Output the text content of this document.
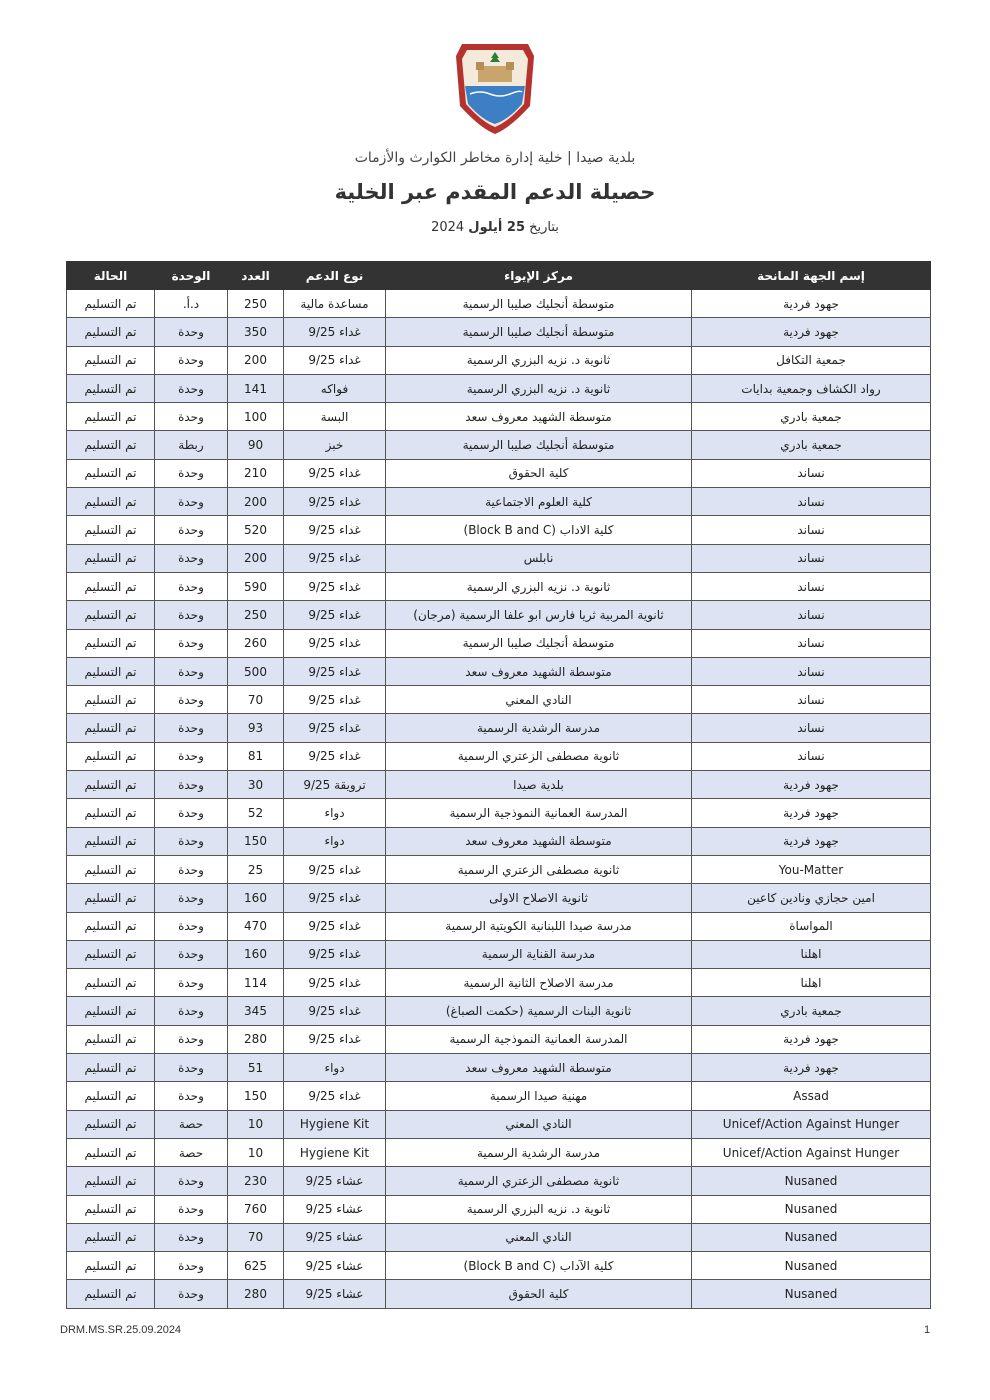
بلدية صيدا | خلية إدارة مخاطر الكوارث والأزمات
حصيلة الدعم المقدم عبر الخلية
بتاريخ 25 أيلول 2024
إسم الجهة المانحة	مركز الإيواء	نوع الدعم	العدد	الوحدة	الحالة
جهود فردية	متوسطة أنجليك صليبا الرسمية	مساعدة مالية	250	د.أ.	تم التسليم
جهود فردية	متوسطة أنجليك صليبا الرسمية	غداء 9/25	350	وحدة	تم التسليم
جمعية التكافل	ثانوية د. نزيه البزري الرسمية	غداء 9/25	200	وحدة	تم التسليم
رواد الكشاف وجمعية بدايات	ثانوية د. نزيه البزري الرسمية	فواكه	141	وحدة	تم التسليم
جمعية بادري	متوسطة الشهيد معروف سعد	البسة	100	وحدة	تم التسليم
جمعية بادري	متوسطة أنجليك صليبا الرسمية	خبز	90	ربطة	تم التسليم
نساند	كلية الحقوق	غداء 9/25	210	وحدة	تم التسليم
نساند	كلية العلوم الاجتماعية	غداء 9/25	200	وحدة	تم التسليم
نساند	كلية الاداب (Block B and C)	غداء 9/25	520	وحدة	تم التسليم
نساند	نابلس	غداء 9/25	200	وحدة	تم التسليم
نساند	ثانوية د. نزيه البزري الرسمية	غداء 9/25	590	وحدة	تم التسليم
نساند	ثانوية المربية ثريا فارس ابو علفا الرسمية (مرجان)	غداء 9/25	250	وحدة	تم التسليم
نساند	متوسطة أنجليك صليبا الرسمية	غداء 9/25	260	وحدة	تم التسليم
نساند	متوسطة الشهيد معروف سعد	غداء 9/25	500	وحدة	تم التسليم
نساند	النادي المعني	غداء 9/25	70	وحدة	تم التسليم
نساند	مدرسة الرشدية الرسمية	غداء 9/25	93	وحدة	تم التسليم
نساند	ثانوية مصطفى الزعتري الرسمية	غداء 9/25	81	وحدة	تم التسليم
جهود فردية	بلدية صيدا	ترويقة 9/25	30	وحدة	تم التسليم
جهود فردية	المدرسة العمانية النموذجية الرسمية	دواء	52	وحدة	تم التسليم
جهود فردية	متوسطة الشهيد معروف سعد	دواء	150	وحدة	تم التسليم
You-Matter	ثانوية مصطفى الزعتري الرسمية	غداء 9/25	25	وحدة	تم التسليم
امين حجازي ونادين كاعين	ثانوية الاصلاح الاولى	غداء 9/25	160	وحدة	تم التسليم
المواساة	مدرسة صيدا اللبنانية الكويتية الرسمية	غداء 9/25	470	وحدة	تم التسليم
اهلنا	مدرسة القناية الرسمية	غداء 9/25	160	وحدة	تم التسليم
اهلنا	مدرسة الاصلاح الثانية الرسمية	غداء 9/25	114	وحدة	تم التسليم
جمعية بادري	ثانوية البنات الرسمية (حكمت الصباغ)	غداء 9/25	345	وحدة	تم التسليم
جهود فردية	المدرسة العمانية النموذجية الرسمية	غداء 9/25	280	وحدة	تم التسليم
جهود فردية	متوسطة الشهيد معروف سعد	دواء	51	وحدة	تم التسليم
Assad	مهنية صيدا الرسمية	غداء 9/25	150	وحدة	تم التسليم
Unicef/Action Against Hunger	النادي المعني	Hygiene Kit	10	حصة	تم التسليم
Unicef/Action Against Hunger	مدرسة الرشدية الرسمية	Hygiene Kit	10	حصة	تم التسليم
Nusaned	ثانوية مصطفى الزعتري الرسمية	عشاء 9/25	230	وحدة	تم التسليم
Nusaned	ثانوية د. نزيه البزري الرسمية	عشاء 9/25	760	وحدة	تم التسليم
Nusaned	النادي المعني	عشاء 9/25	70	وحدة	تم التسليم
Nusaned	كلية الآداب (Block B and C)	عشاء 9/25	625	وحدة	تم التسليم
Nusaned	كلية الحقوق	عشاء 9/25	280	وحدة	تم التسليم
DRM.MS.SR.25.09.2024	1
